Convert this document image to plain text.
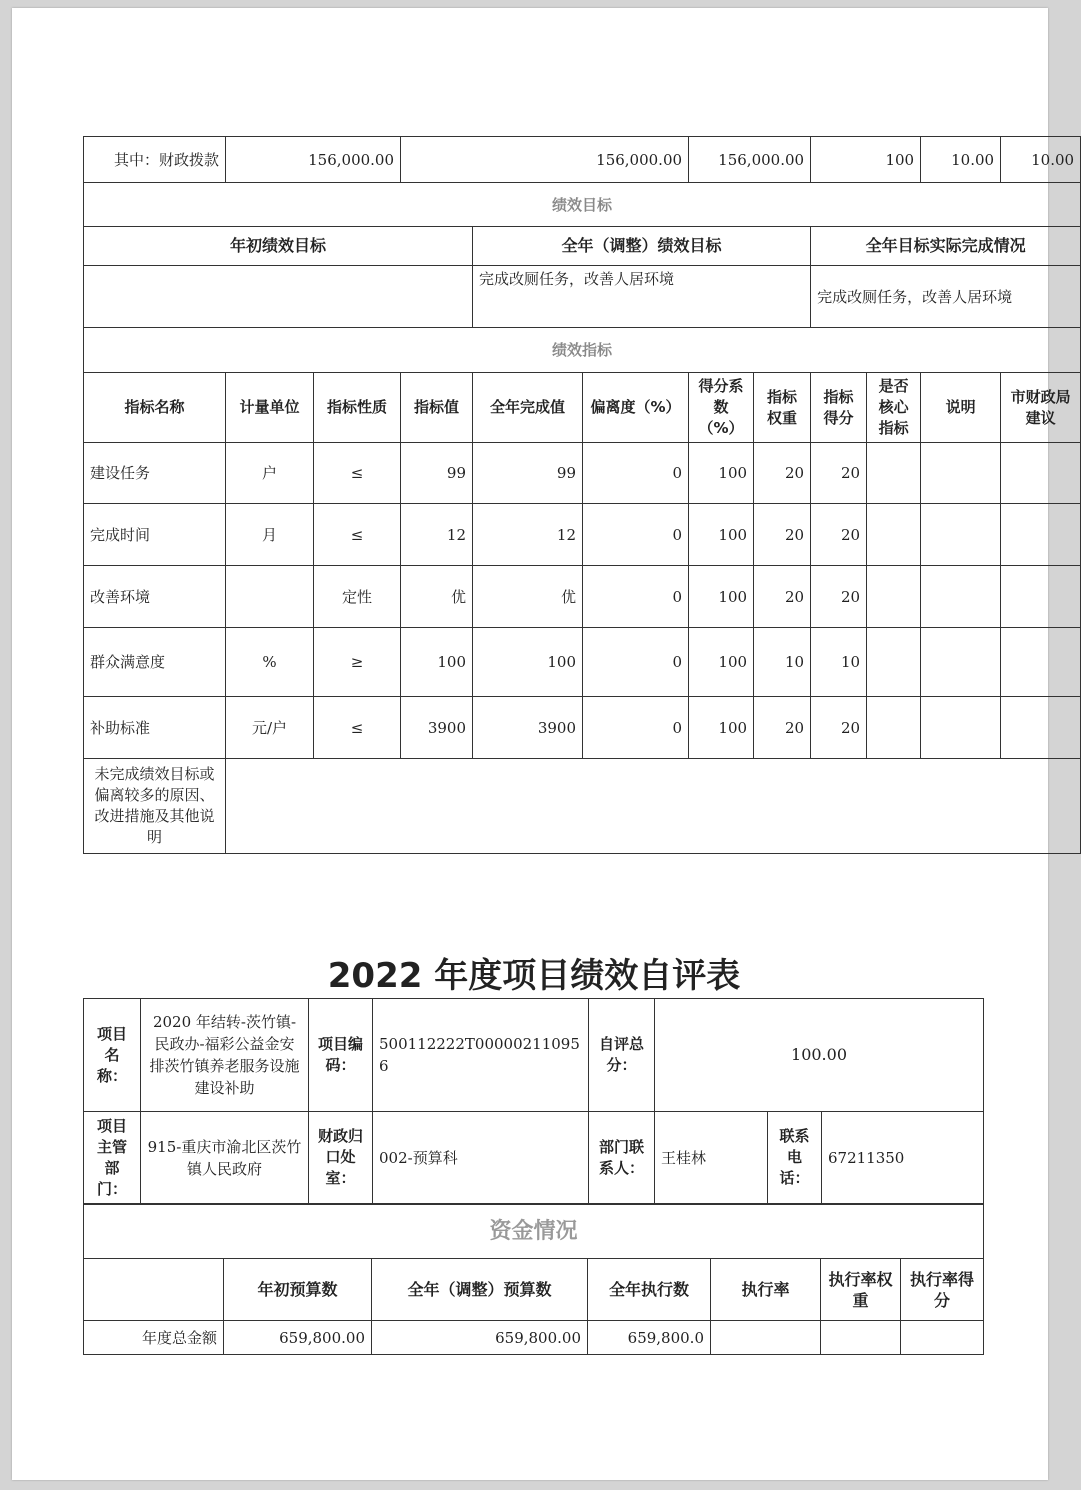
其中：财政拨款	156,000.00		156,000.00			156,000.00		100		10.00	10.00
绩效目标											
年初绩效目标				全年（调整）绩效目标				全年目标实际完成情况			
				完成改厕任务，改善人居环境				完成改厕任务，改善人居环境			
绩效指标											
指标名称	计量单位	指标性质	指标值	全年完成值	偏离度（%）	得分系数（%）	指标权重	指标得分	是否核心指标	说明	市财政局建议
建设任务	户	≤	99	99	0	100	20	20			
完成时间	月	≤	12	12	0	100	20	20			
改善环境		定性	优	优	0	100	20	20			
群众满意度	%	≥	100	100	0	100	10	10			
补助标准	元/户	≤	3900	3900	0	100	20	20			
未完成绩效目标或偏离较多的原因、改进措施及其他说明											
2022 年度项目绩效自评表
项目名称：	2020 年结转-茨竹镇-民政办-福彩公益金安排茨竹镇养老服务设施建设补助	项目编码：	500112222T000002110956	自评总分：	100.00		
项目主管部门：	915-重庆市渝北区茨竹镇人民政府	财政归口处室：	002-预算科	部门联系人：	王桂林	联系电话：	67211350
资金情况						
	年初预算数	全年（调整）预算数	全年执行数	执行率	执行率权重	执行率得分
年度总金额	659,800.00	659,800.00	659,800.0			
